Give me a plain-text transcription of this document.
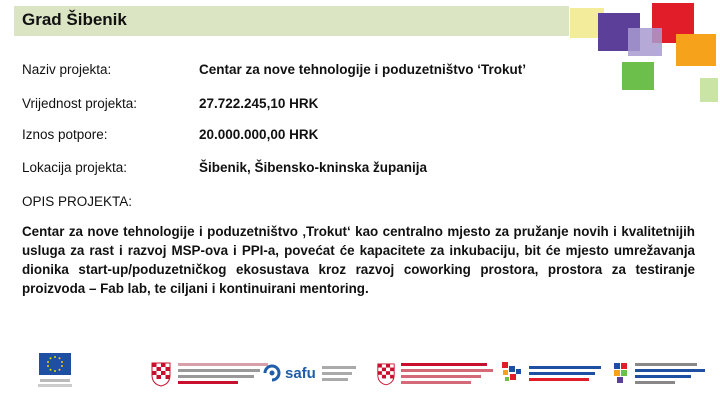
Grad Šibenik
Naziv projekta:	Centar za nove tehnologije i poduzetništvo ‘Trokut’
Vrijednost projekta:	27.722.245,10 HRK
Iznos potpore:	20.000.000,00 HRK
Lokacija projekta:	Šibenik, Šibensko-kninska županija
OPIS PROJEKTA:
Centar za nove tehnologije i poduzetništvo ‚Trokut‘ kao centralno mjesto za pružanje novih i kvalitetnijih usluga za rast i razvoj MSP-ova i PPI-a, povećat će kapacitete za inkubaciju, bit će mjesto umrežavanja dionika start-up/poduzetničkog ekosustava kroz razvoj coworking prostora, prostora za testiranje proizvoda – Fab lab, te ciljani i kontinuirani mentoring.
safu
